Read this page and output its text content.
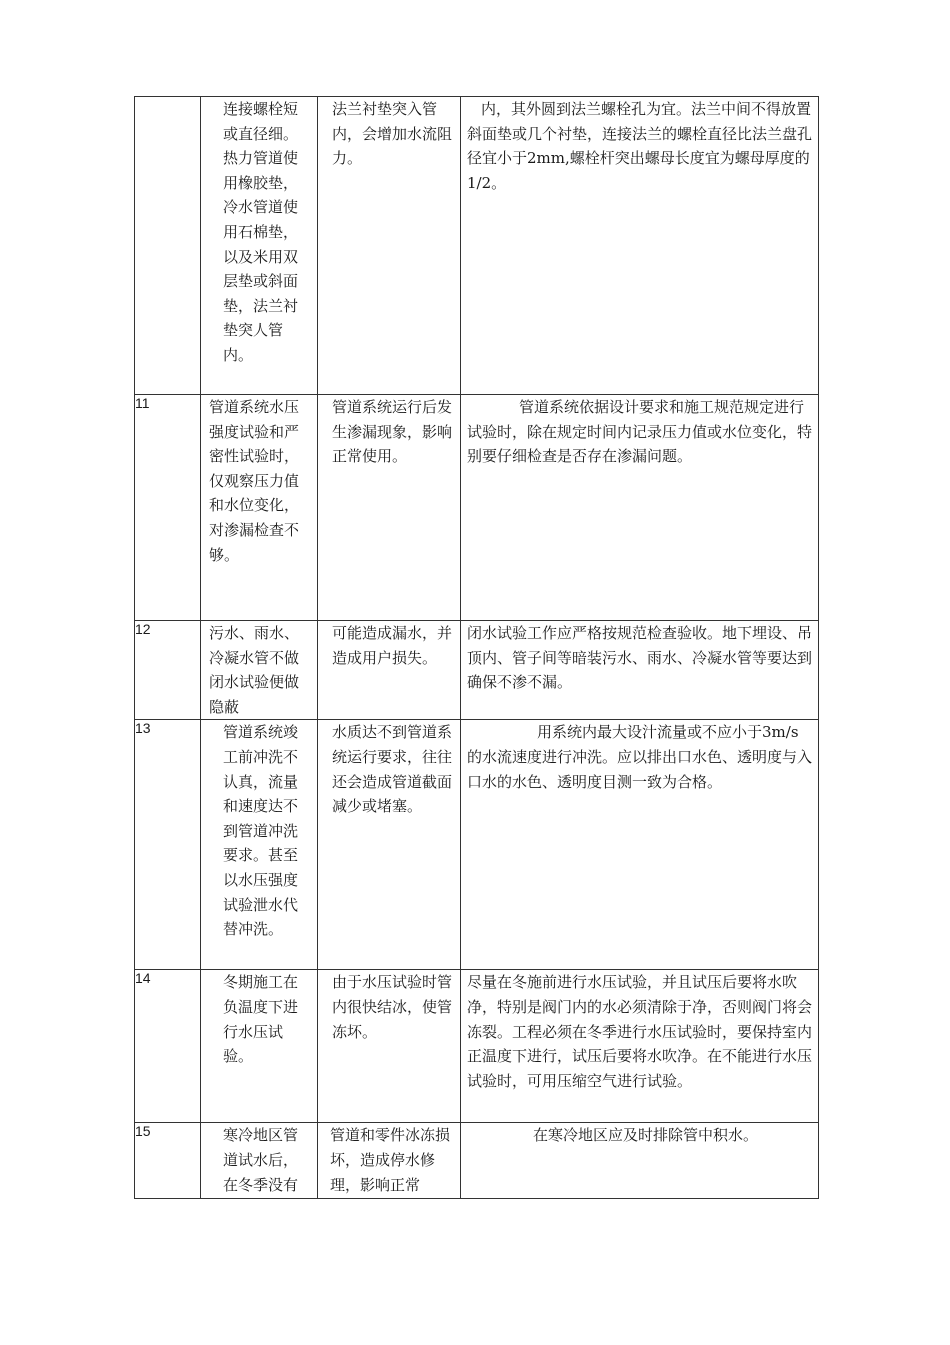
	连接螺栓短或直径细。热力管道使用橡胶垫，冷水管道使用石棉垫，以及米用双层垫或斜面垫，法兰衬垫突人管内。	法兰衬垫突入管内，会增加水流阻力。	内，其外圆到法兰螺栓孔为宜。法兰中间不得放置斜面垫或几个衬垫，连接法兰的螺栓直径比法兰盘孔径宜小于2mm,螺栓杆突出螺母长度宜为螺母厚度的1/2。

11	管道系统水压强度试验和严密性试验时，仅观察压力值和水位变化，对渗漏检查不够。	管道系统运行后发生渗漏现象，影响正常使用。	管道系统依据设计要求和施工规范规定进行试验时，除在规定时间内记录压力值或水位变化，特别要仔细检查是否存在渗漏问题。

12	污水、雨水、冷凝水管不做闭水试验便做隐蔽	可能造成漏水，并造成用户损失。	闭水试验工作应严格按规范检查验收。地下埋设、吊顶内、管子间等暗装污水、雨水、冷凝水管等要达到确保不渗不漏。

13	管道系统竣工前冲洗不认真，流量和速度达不到管道冲洗要求。甚至以水压强度试验泄水代替冲洗。	水质达不到管道系统运行要求，往往还会造成管道截面减少或堵塞。	用系统内最大设汁流量或不应小于3m/s的水流速度进行冲洗。应以排出口水色、透明度与入口水的水色、透明度目测一致为合格。

14	冬期施工在负温度下进行水压试验。	由于水压试验时管内很快结冰，使管冻坏。	尽量在冬施前进行水压试验，并且试压后要将水吹净，特别是阀门内的水必须清除于净，否则阀门将会冻裂。工程必须在冬季进行水压试验时，要保持室内正温度下进行，试压后要将水吹净。在不能进行水压试验时，可用压缩空气进行试验。

15	寒冷地区管道试水后，在冬季没有	管道和零件冰冻损坏，造成停水修理，影响正常	在寒冷地区应及时排除管中积水。
